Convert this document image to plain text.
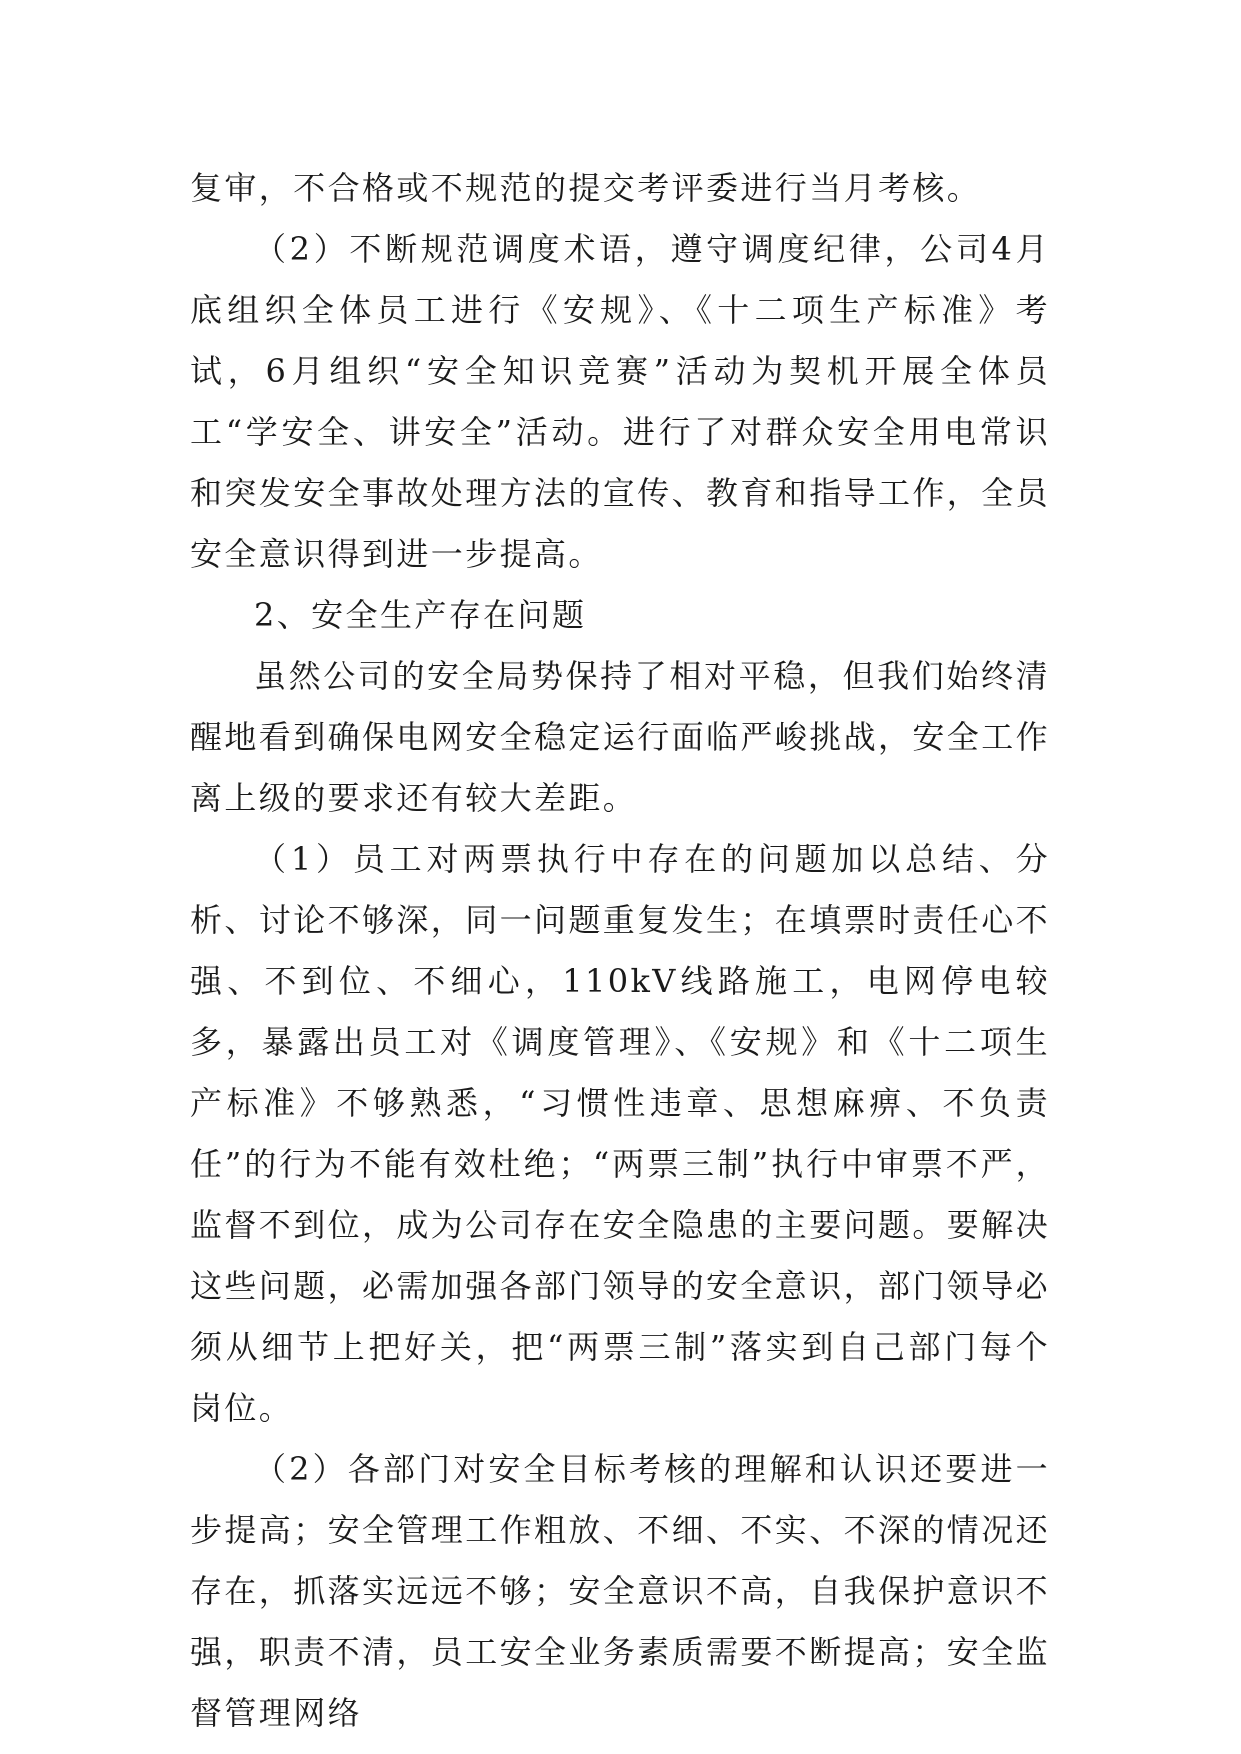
复审，不合格或不规范的提交考评委进行当月考核。

（2）不断规范调度术语，遵守调度纪律，公司4月底组织全体员工进行《安规》、《十二项生产标准》考试，6月组织“安全知识竞赛”活动为契机开展全体员工“学安全、讲安全”活动。进行了对群众安全用电常识和突发安全事故处理方法的宣传、教育和指导工作，全员安全意识得到进一步提高。

2、安全生产存在问题

虽然公司的安全局势保持了相对平稳，但我们始终清醒地看到确保电网安全稳定运行面临严峻挑战，安全工作离上级的要求还有较大差距。

（1）员工对两票执行中存在的问题加以总结、分析、讨论不够深，同一问题重复发生；在填票时责任心不强、不到位、不细心，110kV线路施工，电网停电较多，暴露出员工对《调度管理》、《安规》和《十二项生产标准》不够熟悉，“习惯性违章、思想麻痹、不负责任”的行为不能有效杜绝；“两票三制”执行中审票不严，监督不到位，成为公司存在安全隐患的主要问题。要解决这些问题，必需加强各部门领导的安全意识，部门领导必须从细节上把好关，把“两票三制”落实到自己部门每个岗位。

（2）各部门对安全目标考核的理解和认识还要进一步提高；安全管理工作粗放、不细、不实、不深的情况还存在，抓落实远远不够；安全意识不高，自我保护意识不强，职责不清，员工安全业务素质需要不断提高；安全监督管理网络
